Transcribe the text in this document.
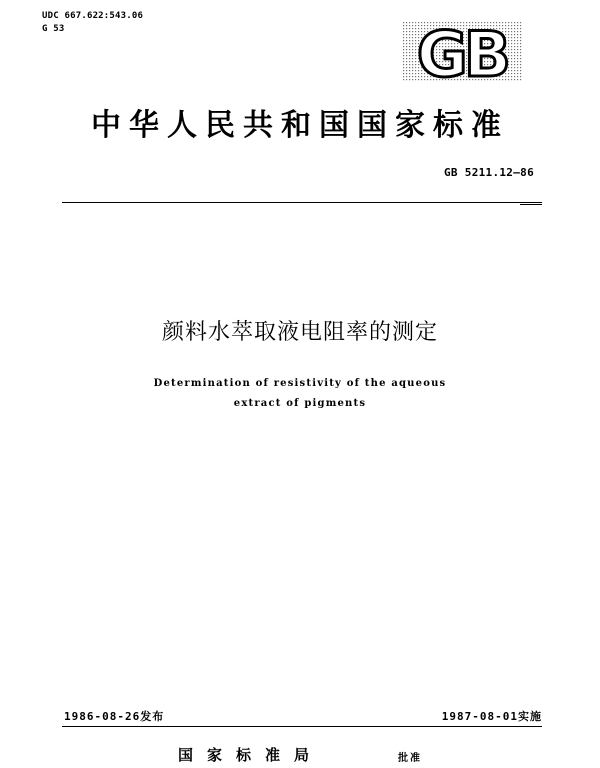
UDC 667.622:543.06
G 53	GB
中华人民共和国国家标准
GB 5211.12—86
颜料水萃取液电阻率的测定
Determination of resistivity of the aqueous
extract of pigments
1986-08-26发布	1987-08-01实施
国家标准局	批准
